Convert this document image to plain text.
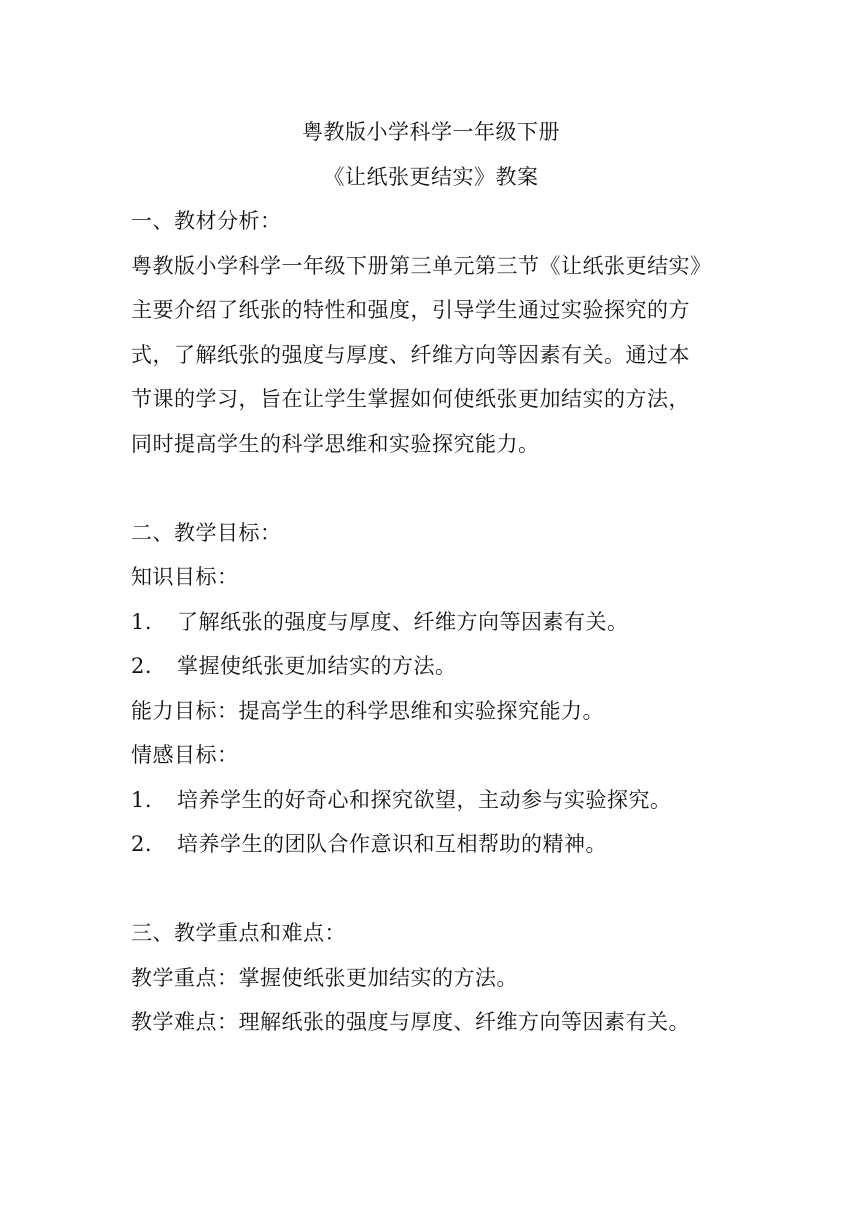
粤教版小学科学一年级下册
《让纸张更结实》教案
一、教材分析：
粤教版小学科学一年级下册第三单元第三节《让纸张更结实》
主要介绍了纸张的特性和强度，引导学生通过实验探究的方
式，了解纸张的强度与厚度、纤维方向等因素有关。通过本
节课的学习，旨在让学生掌握如何使纸张更加结实的方法，
同时提高学生的科学思维和实验探究能力。
二、教学目标：
知识目标：
1.	了解纸张的强度与厚度、纤维方向等因素有关。
2.	掌握使纸张更加结实的方法。
能力目标：提高学生的科学思维和实验探究能力。
情感目标：
1.	培养学生的好奇心和探究欲望，主动参与实验探究。
2.	培养学生的团队合作意识和互相帮助的精神。
三、教学重点和难点：
教学重点：掌握使纸张更加结实的方法。
教学难点：理解纸张的强度与厚度、纤维方向等因素有关。
